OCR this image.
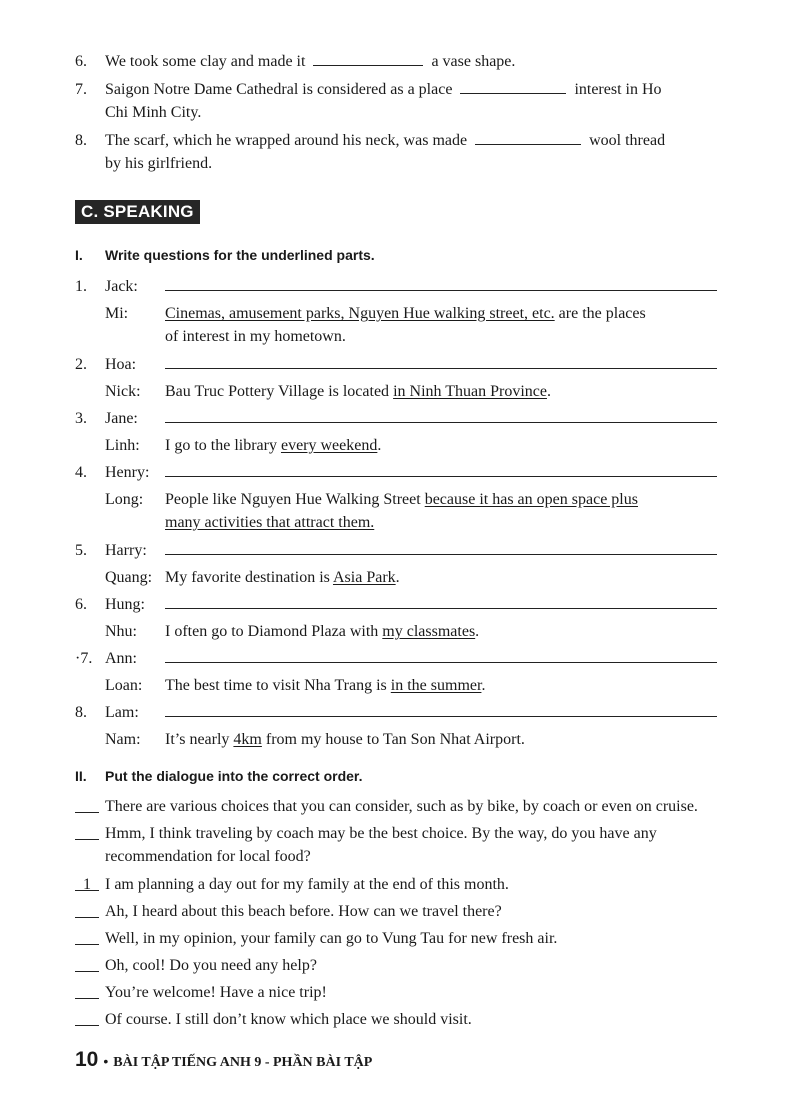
6.	We took some clay and made it	a vase shape.
7.	Saigon Notre Dame Cathedral is considered as a place	interest in Ho
Chi Minh City.
8.	The scarf, which he wrapped around his neck, was made	wool thread
by his girlfriend.
C. SPEAKING
I. Write questions for the underlined parts.
1.	Jack:
Mi: Cinemas, amusement parks, Nguyen Hue walking street, etc. are the places
of interest in my hometown.
2.	Hoa:
Nick: Bau Truc Pottery Village is located in Ninh Thuan Province.
3.	Jane:
Linh: I go to the library every weekend.
4.	Henry:
Long: People like Nguyen Hue Walking Street because it has an open space plus
many activities that attract them.
5.	Harry:
Quang: My favorite destination is Asia Park.
6.	Hung:
Nhu: I often go to Diamond Plaza with my classmates.
·7. Ann:
Loan: The best time to visit Nha Trang is in the summer.
8.	Lam:
Nam: It’s nearly 4km from my house to Tan Son Nhat Airport.
II. Put the dialogue into the correct order.
There are various choices that you can consider, such as by bike, by coach or even on cruise.
Hmm, I think traveling by coach may be the best choice. By the way, do you have any
recommendation for local food?
1 I am planning a day out for my family at the end of this month.
Ah, I heard about this beach before. How can we travel there?
Well, in my opinion, your family can go to Vung Tau for new fresh air.
Oh, cool! Do you need any help?
You’re welcome! Have a nice trip!
Of course. I still don’t know which place we should visit.
10 • BÀI TẬP TIẾNG ANH 9 - PHẦN BÀI TẬP
